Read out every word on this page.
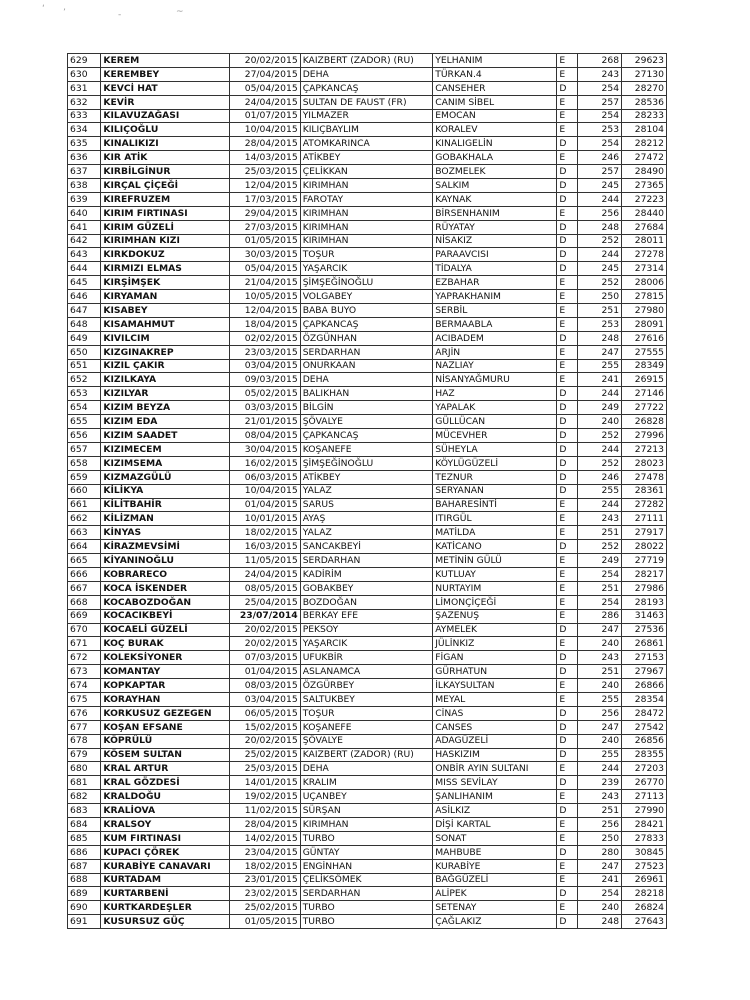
‘ ’	-	~
629	KEREM	20/02/2015	KAIZBERT (ZADOR) (RU)	YELHANIM	E	268	29623
630	KEREMBEY	27/04/2015	DEHA	TÜRKAN.4	E	243	27130
631	KEVCİ HAT	05/04/2015	ÇAPKANCAŞ	CANSEHER	D	254	28270
632	KEVİR	24/04/2015	SULTAN DE FAUST (FR)	CANIM SİBEL	E	257	28536
633	KILAVUZAĞASI	01/07/2015	YILMAZER	EMOCAN	E	254	28233
634	KILIÇOĞLU	10/04/2015	KILIÇBAYLIM	KORALEV	E	253	28104
635	KINALIKIZI	28/04/2015	ATOMKARINCA	KINALIGELİN	D	254	28212
636	KIR ATİK	14/03/2015	ATİKBEY	GOBAKHALA	E	246	27472
637	KIRBİLGİNUR	25/03/2015	ÇELİKKAN	BOZMELEK	D	257	28490
638	KIRÇAL ÇİÇEĞİ	12/04/2015	KIRIMHAN	SALKIM	D	245	27365
639	KIREFRUZEM	17/03/2015	FAROTAY	KAYNAK	D	244	27223
640	KIRIM FIRTINASI	29/04/2015	KIRIMHAN	BİRSENHANIM	E	256	28440
641	KIRIM GÜZELİ	27/03/2015	KIRIMHAN	RÜYATAY	D	248	27684
642	KIRIMHAN KIZI	01/05/2015	KIRIMHAN	NİSAKIZ	D	252	28011
643	KIRKDOKUZ	30/03/2015	TOŞUR	PARAAVCISI	D	244	27278
644	KIRMIZI ELMAS	05/04/2015	YAŞARCIK	TİDALYA	D	245	27314
645	KIRŞİMŞEK	21/04/2015	ŞİMŞEĞİNOĞLU	EZBAHAR	E	252	28006
646	KIRYAMAN	10/05/2015	VOLGABEY	YAPRAKHANIM	E	250	27815
647	KISABEY	12/04/2015	BABA BUYO	SERBİL	E	251	27980
648	KISAMAHMUT	18/04/2015	ÇAPKANCAŞ	BERMAABLA	E	253	28091
649	KIVILCIM	02/02/2015	ÖZGÜNHAN	ACIBADEM	D	248	27616
650	KIZGINAKREP	23/03/2015	SERDARHAN	ARJİN	E	247	27555
651	KIZIL ÇAKIR	03/04/2015	ONURKAAN	NAZLIAY	E	255	28349
652	KIZILKAYA	09/03/2015	DEHA	NİSANYAĞMURU	E	241	26915
653	KIZILYAR	05/02/2015	BALIKHAN	HAZ	D	244	27146
654	KIZIM BEYZA	03/03/2015	BİLGİN	YAPALAK	D	249	27722
655	KIZIM EDA	21/01/2015	ŞÖVALYE	GÜLLÜCAN	D	240	26828
656	KIZIM SAADET	08/04/2015	ÇAPKANCAŞ	MÜCEVHER	D	252	27996
657	KIZIMECEM	30/04/2015	KOŞANEFE	SÜHEYLA	D	244	27213
658	KIZIMSEMA	16/02/2015	ŞİMŞEĞİNOĞLU	KÖYLÜGÜZELİ	D	252	28023
659	KIZMAZGÜLÜ	06/03/2015	ATİKBEY	TEZNUR	D	246	27478
660	KİLİKYA	10/04/2015	YALAZ	SERYANAN	D	255	28361
661	KİLİTBAHİR	01/04/2015	SARUS	BAHARESİNTİ	E	244	27282
662	KİLİZMAN	10/01/2015	AYAŞ	ITIRGÜL	E	243	27111
663	KİNYAS	18/02/2015	YALAZ	MATİLDA	E	251	27917
664	KİRAZMEVSİMİ	16/03/2015	SANCAKBEYİ	KATİCANO	D	252	28022
665	KİYANINOĞLU	11/05/2015	SERDARHAN	METİNİN GÜLÜ	E	249	27719
666	KOBRARECO	24/04/2015	KADİRİM	KUTLUAY	E	254	28217
667	KOCA İSKENDER	08/05/2015	GOBAKBEY	NURTAYIM	E	251	27986
668	KOCABOZDOĞAN	25/04/2015	BOZDOĞAN	LİMONÇİÇEĞİ	E	254	28193
669	KOCACIKBEYİ	23/07/2014	BERKAY EFE	ŞAZENUŞ	E	286	31463
670	KOCAELİ GÜZELİ	20/02/2015	PEKSOY	AYMELEK	D	247	27536
671	KOÇ BURAK	20/02/2015	YAŞARCIK	JÜLİNKIZ	E	240	26861
672	KOLEKSİYONER	07/03/2015	UFUKBİR	FİGAN	D	243	27153
673	KOMANTAY	01/04/2015	ASLANAMCA	GÜRHATUN	D	251	27967
674	KOPKAPTAR	08/03/2015	ÖZGÜRBEY	İLKAYSULTAN	E	240	26866
675	KORAYHAN	03/04/2015	SALTUKBEY	MEYAL	E	255	28354
676	KORKUSUZ GEZEGEN	06/05/2015	TOŞUR	CİNAS	D	256	28472
677	KOŞAN EFSANE	15/02/2015	KOŞANEFE	CANSES	D	247	27542
678	KÖPRÜLÜ	20/02/2015	ŞÖVALYE	ADAGÜZELİ	D	240	26856
679	KÖSEM SULTAN	25/02/2015	KAIZBERT (ZADOR) (RU)	HASKIZIM	D	255	28355
680	KRAL ARTUR	25/03/2015	DEHA	ONBİR AYIN SULTANI	E	244	27203
681	KRAL GÖZDESİ	14/01/2015	KRALIM	MISS SEVİLAY	D	239	26770
682	KRALDOĞU	19/02/2015	UÇANBEY	ŞANLIHANIM	E	243	27113
683	KRALİOVA	11/02/2015	SÜRŞAN	ASİLKIZ	D	251	27990
684	KRALSOY	28/04/2015	KIRIMHAN	DİŞİ KARTAL	E	256	28421
685	KUM FIRTINASI	14/02/2015	TURBO	SONAT	E	250	27833
686	KUPACI ÇÖREK	23/04/2015	GÜNTAY	MAHBUBE	D	280	30845
687	KURABİYE CANAVARI	18/02/2015	ENGİNHAN	KURABİYE	E	247	27523
688	KURTADAM	23/01/2015	ÇELİKSÖMEK	BAĞGÜZELİ	E	241	26961
689	KURTARBENİ	23/02/2015	SERDARHAN	ALİPEK	D	254	28218
690	KURTKARDEŞLER	25/02/2015	TURBO	SETENAY	E	240	26824
691	KUSURSUZ GÜÇ	01/05/2015	TURBO	ÇAĞLAKIZ	D	248	27643
